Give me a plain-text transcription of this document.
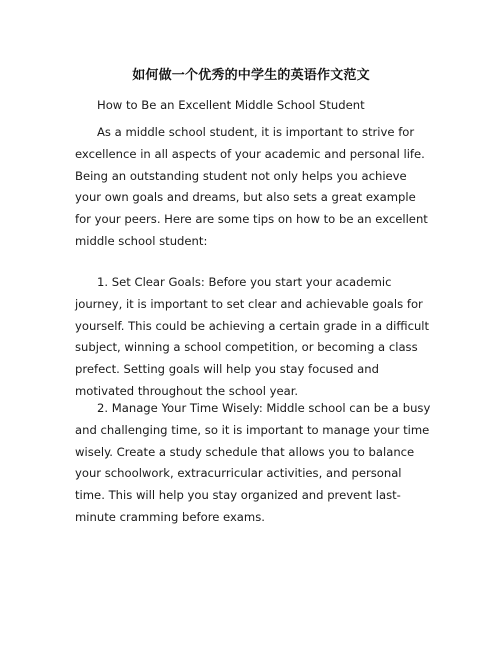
如何做一个优秀的中学生的英语作文范文
How to Be an Excellent Middle School Student

As a middle school student, it is important to strive for excellence in all aspects of your academic and personal life. Being an outstanding student not only helps you achieve your own goals and dreams, but also sets a great example for your peers. Here are some tips on how to be an excellent middle school student:

1. Set Clear Goals: Before you start your academic journey, it is important to set clear and achievable goals for yourself. This could be achieving a certain grade in a difficult subject, winning a school competition, or becoming a class prefect. Setting goals will help you stay focused and motivated throughout the school year.

2. Manage Your Time Wisely: Middle school can be a busy and challenging time, so it is important to manage your time wisely. Create a study schedule that allows you to balance your schoolwork, extracurricular activities, and personal time. This will help you stay organized and prevent last-minute cramming before exams.
